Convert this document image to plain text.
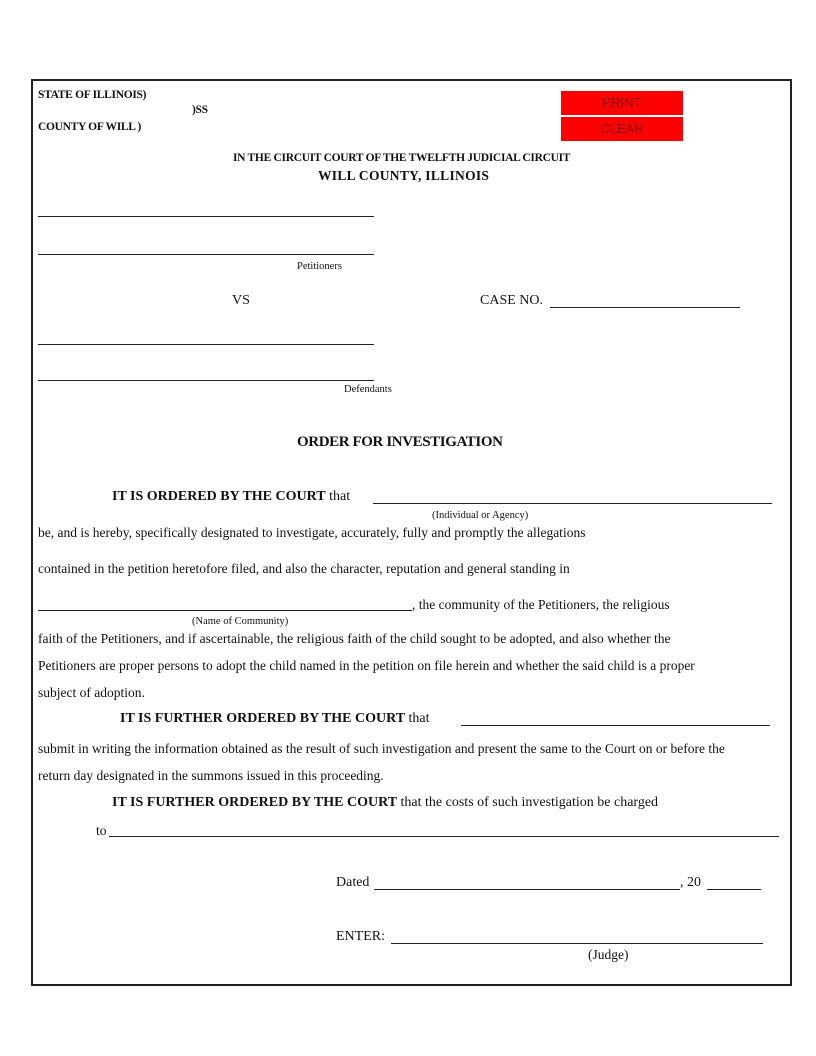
STATE OF ILLINOIS)
)SS
COUNTY OF WILL )
PRINT
CLEAR
IN THE CIRCUIT COURT OF THE TWELFTH JUDICIAL CIRCUIT
WILL COUNTY, ILLINOIS
Petitioners
VS	CASE NO.
Defendants
ORDER FOR INVESTIGATION
IT IS ORDERED BY THE COURT that
(Individual or Agency)
be, and is hereby, specifically designated to investigate, accurately, fully and promptly the allegations
contained in the petition heretofore filed, and also the character, reputation and general standing in
, the community of the Petitioners, the religious
(Name of Community)
faith of the Petitioners, and if ascertainable, the religious faith of the child sought to be adopted, and also whether the
Petitioners are proper persons to adopt the child named in the petition on file herein and whether the said child is a proper
subject of adoption.
IT IS FURTHER ORDERED BY THE COURT that
submit in writing the information obtained as the result of such investigation and present the same to the Court on or before the
return day designated in the summons issued in this proceeding.
IT IS FURTHER ORDERED BY THE COURT that the costs of such investigation be charged
to
Dated	, 20
ENTER:
(Judge)
